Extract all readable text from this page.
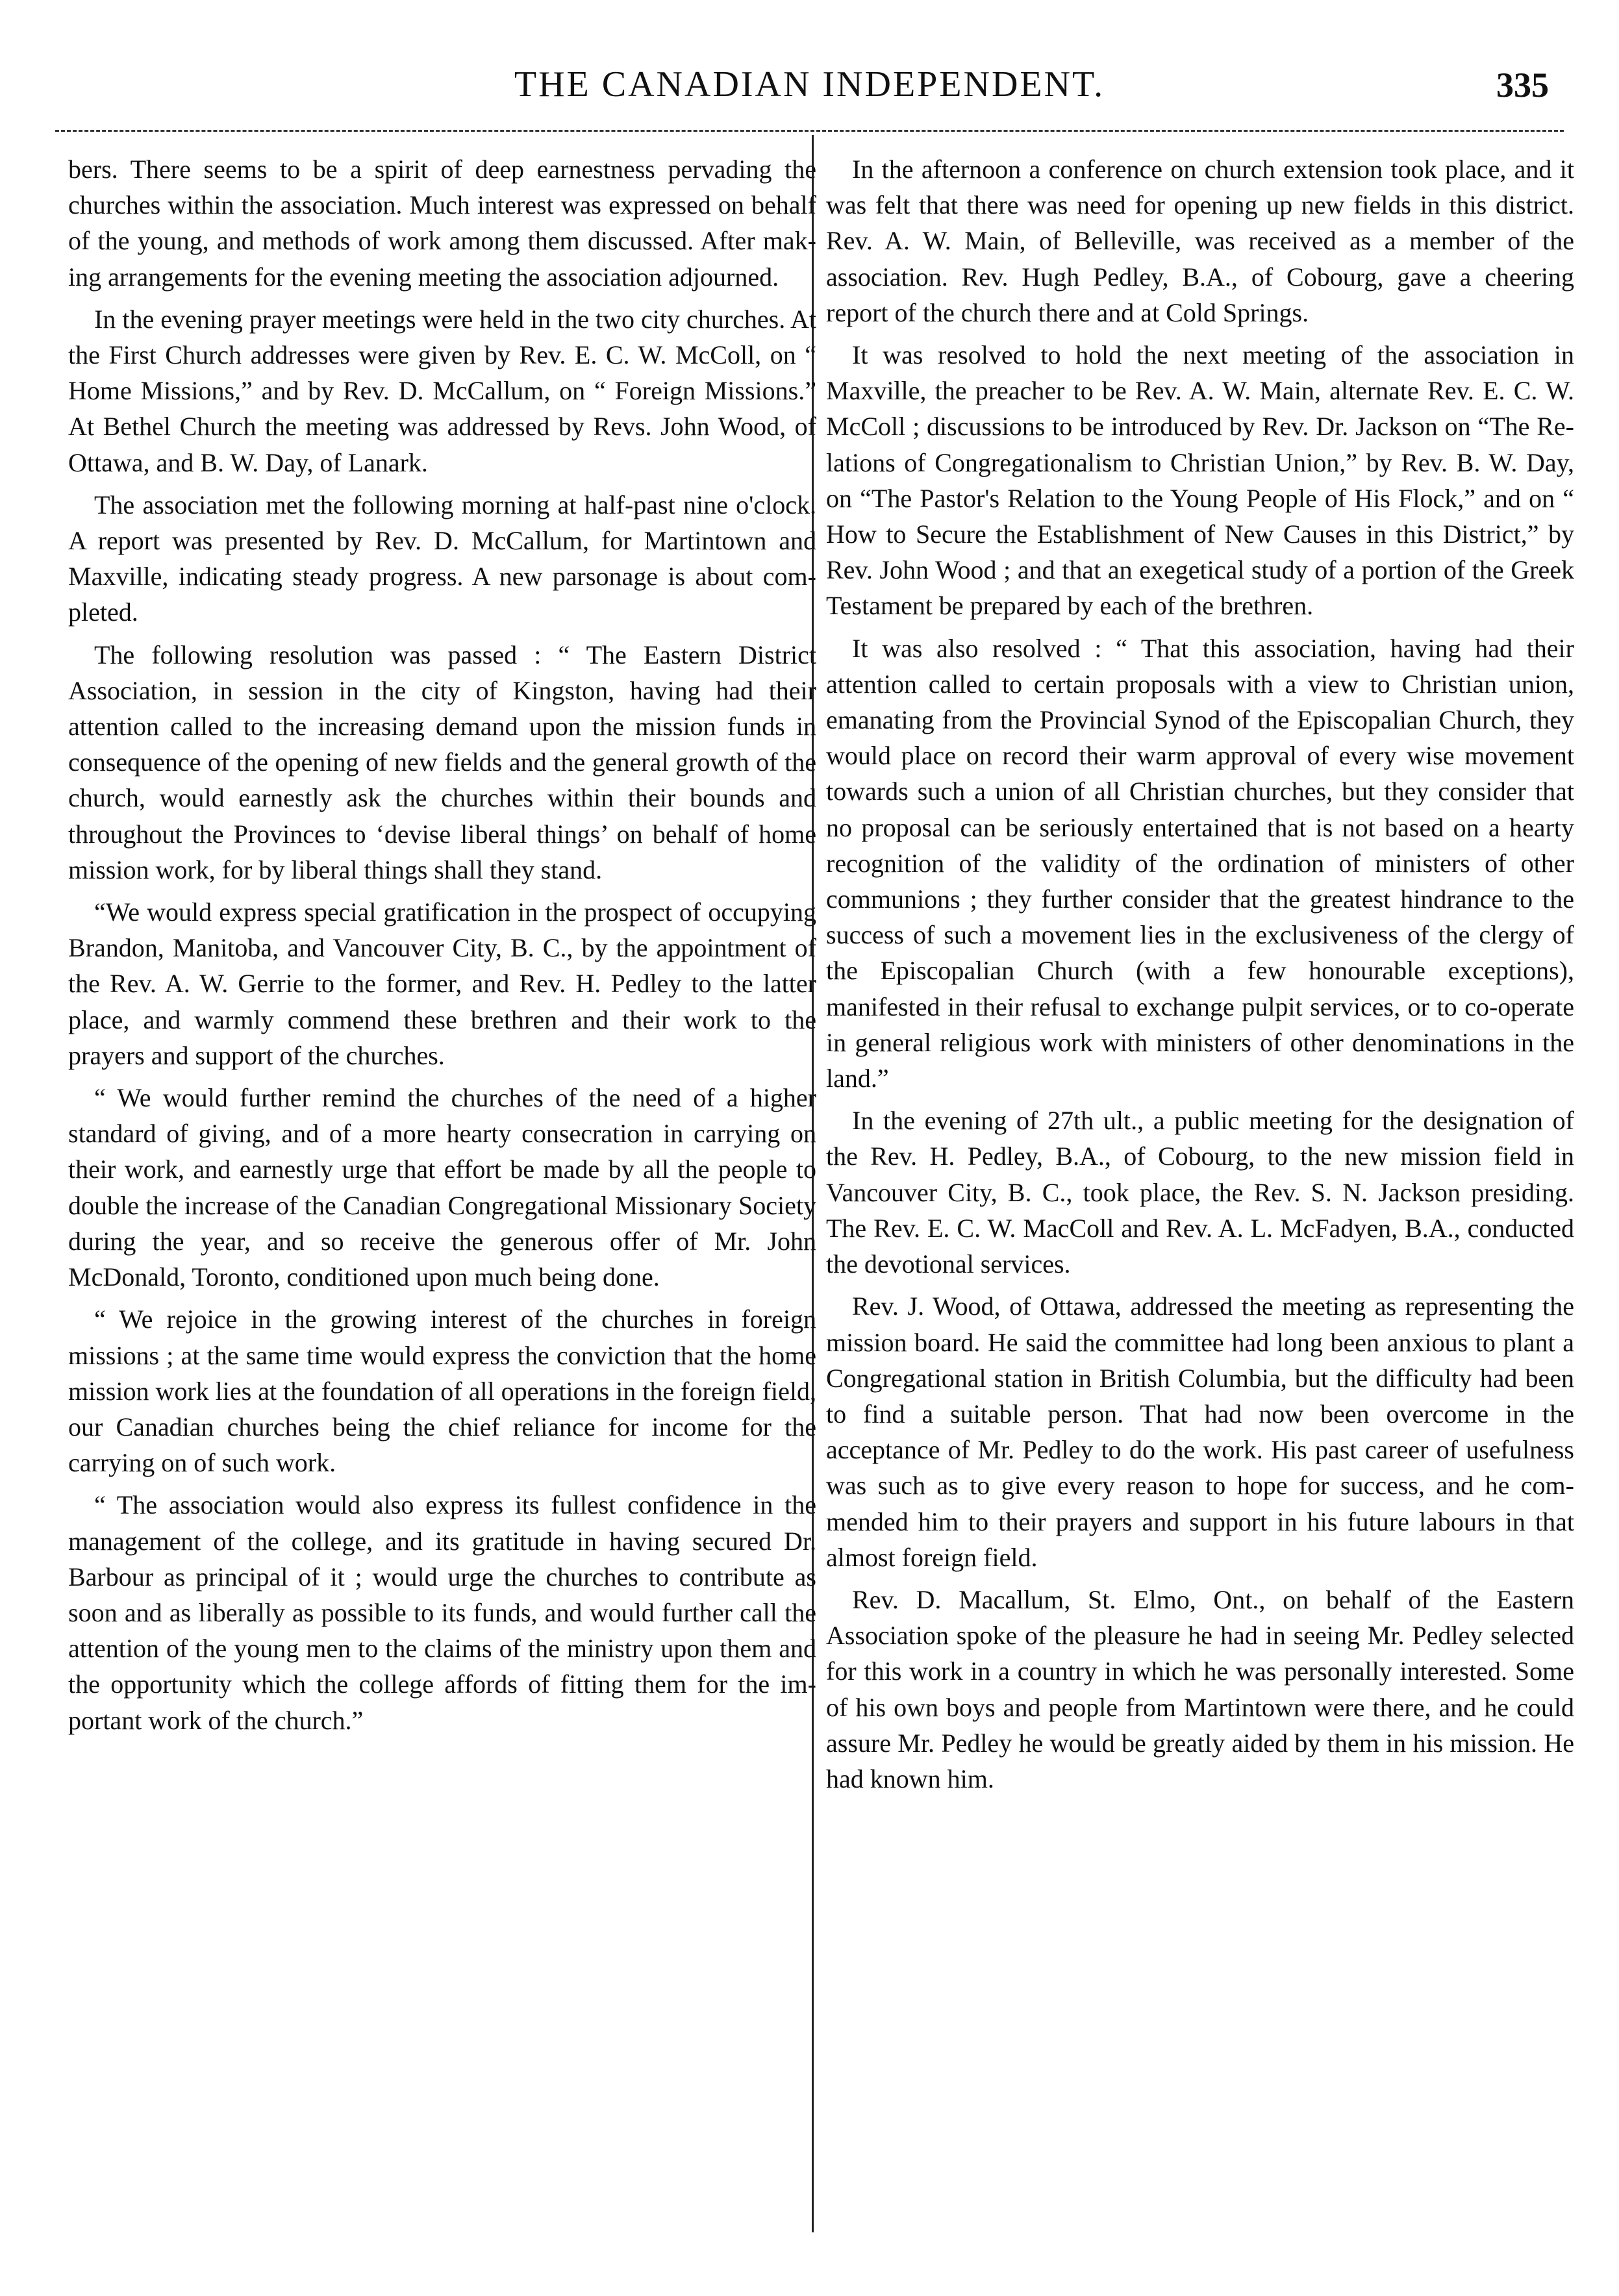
THE CANADIAN INDEPENDENT.	335

bers. There seems to be a spirit of deep earnestness pervading the churches within the association. Much interest was expressed on behalf of the young, and methods of work among them discussed. After making arrangements for the evening meeting the association adjourned.

In the evening prayer meetings were held in the two city churches. At the First Church addresses were given by Rev. E. C. W. McColl, on “ Home Missions,” and by Rev. D. McCallum, on “ Foreign Missions.” At Bethel Church the meeting was addressed by Revs. John Wood, of Ottawa, and B. W. Day, of Lanark.

The association met the following morning at half-past nine o'clock. A report was presented by Rev. D. McCallum, for Martintown and Maxville, indicating steady progress. A new parsonage is about completed.

The following resolution was passed : “ The Eastern District Association, in session in the city of Kingston, having had their attention called to the increasing demand upon the mission funds in consequence of the opening of new fields and the general growth of the church, would earnestly ask the churches within their bounds and throughout the Provinces to ‘devise liberal things’ on behalf of home mission work, for by liberal things shall they stand.

“We would express special gratification in the prospect of occupying Brandon, Manitoba, and Vancouver City, B. C., by the appointment of the Rev. A. W. Gerrie to the former, and Rev. H. Pedley to the latter place, and warmly commend these brethren and their work to the prayers and support of the churches.

“ We would further remind the churches of the need of a higher standard of giving, and of a more hearty consecration in carrying on their work, and earnestly urge that effort be made by all the people to double the increase of the Canadian Congregational Missionary Society during the year, and so receive the generous offer of Mr. John McDonald, Toronto, conditioned upon much being done.

“ We rejoice in the growing interest of the churches in foreign missions ; at the same time would express the conviction that the home mission work lies at the foundation of all operations in the foreign field, our Canadian churches being the chief reliance for income for the carrying on of such work.

“ The association would also express its fullest confidence in the management of the college, and its gratitude in having secured Dr. Barbour as principal of it ; would urge the churches to contribute as soon and as liberally as possible to its funds, and would further call the attention of the young men to the claims of the ministry upon them and the opportunity which the college affords of fitting them for the important work of the church.”

In the afternoon a conference on church extension took place, and it was felt that there was need for opening up new fields in this district. Rev. A. W. Main, of Belleville, was received as a member of the association. Rev. Hugh Pedley, B.A., of Cobourg, gave a cheering report of the church there and at Cold Springs.

It was resolved to hold the next meeting of the association in Maxville, the preacher to be Rev. A. W. Main, alternate Rev. E. C. W. McColl ; discussions to be introduced by Rev. Dr. Jackson on “The Relations of Congregationalism to Christian Union,” by Rev. B. W. Day, on “The Pastor's Relation to the Young People of His Flock,” and on “ How to Secure the Establishment of New Causes in this District,” by Rev. John Wood ; and that an exegetical study of a portion of the Greek Testament be prepared by each of the brethren.

It was also resolved : “ That this association, having had their attention called to certain proposals with a view to Christian union, emanating from the Provincial Synod of the Episcopalian Church, they would place on record their warm approval of every wise movement towards such a union of all Christian churches, but they consider that no proposal can be seriously entertained that is not based on a hearty recognition of the validity of the ordination of ministers of other communions ; they further consider that the greatest hindrance to the success of such a movement lies in the exclusiveness of the clergy of the Episcopalian Church (with a few honourable exceptions), manifested in their refusal to exchange pulpit services, or to co-operate in general religious work with ministers of other denominations in the land.”

In the evening of 27th ult., a public meeting for the designation of the Rev. H. Pedley, B.A., of Cobourg, to the new mission field in Vancouver City, B. C., took place, the Rev. S. N. Jackson presiding. The Rev. E. C. W. MacColl and Rev. A. L. McFadyen, B.A., conducted the devotional services.

Rev. J. Wood, of Ottawa, addressed the meeting as representing the mission board. He said the committee had long been anxious to plant a Congregational station in British Columbia, but the difficulty had been to find a suitable person. That had now been overcome in the acceptance of Mr. Pedley to do the work. His past career of usefulness was such as to give every reason to hope for success, and he commended him to their prayers and support in his future labours in that almost foreign field.

Rev. D. Macallum, St. Elmo, Ont., on behalf of the Eastern Association spoke of the pleasure he had in seeing Mr. Pedley selected for this work in a country in which he was personally interested. Some of his own boys and people from Martintown were there, and he could assure Mr. Pedley he would be greatly aided by them in his mission. He had known him.
